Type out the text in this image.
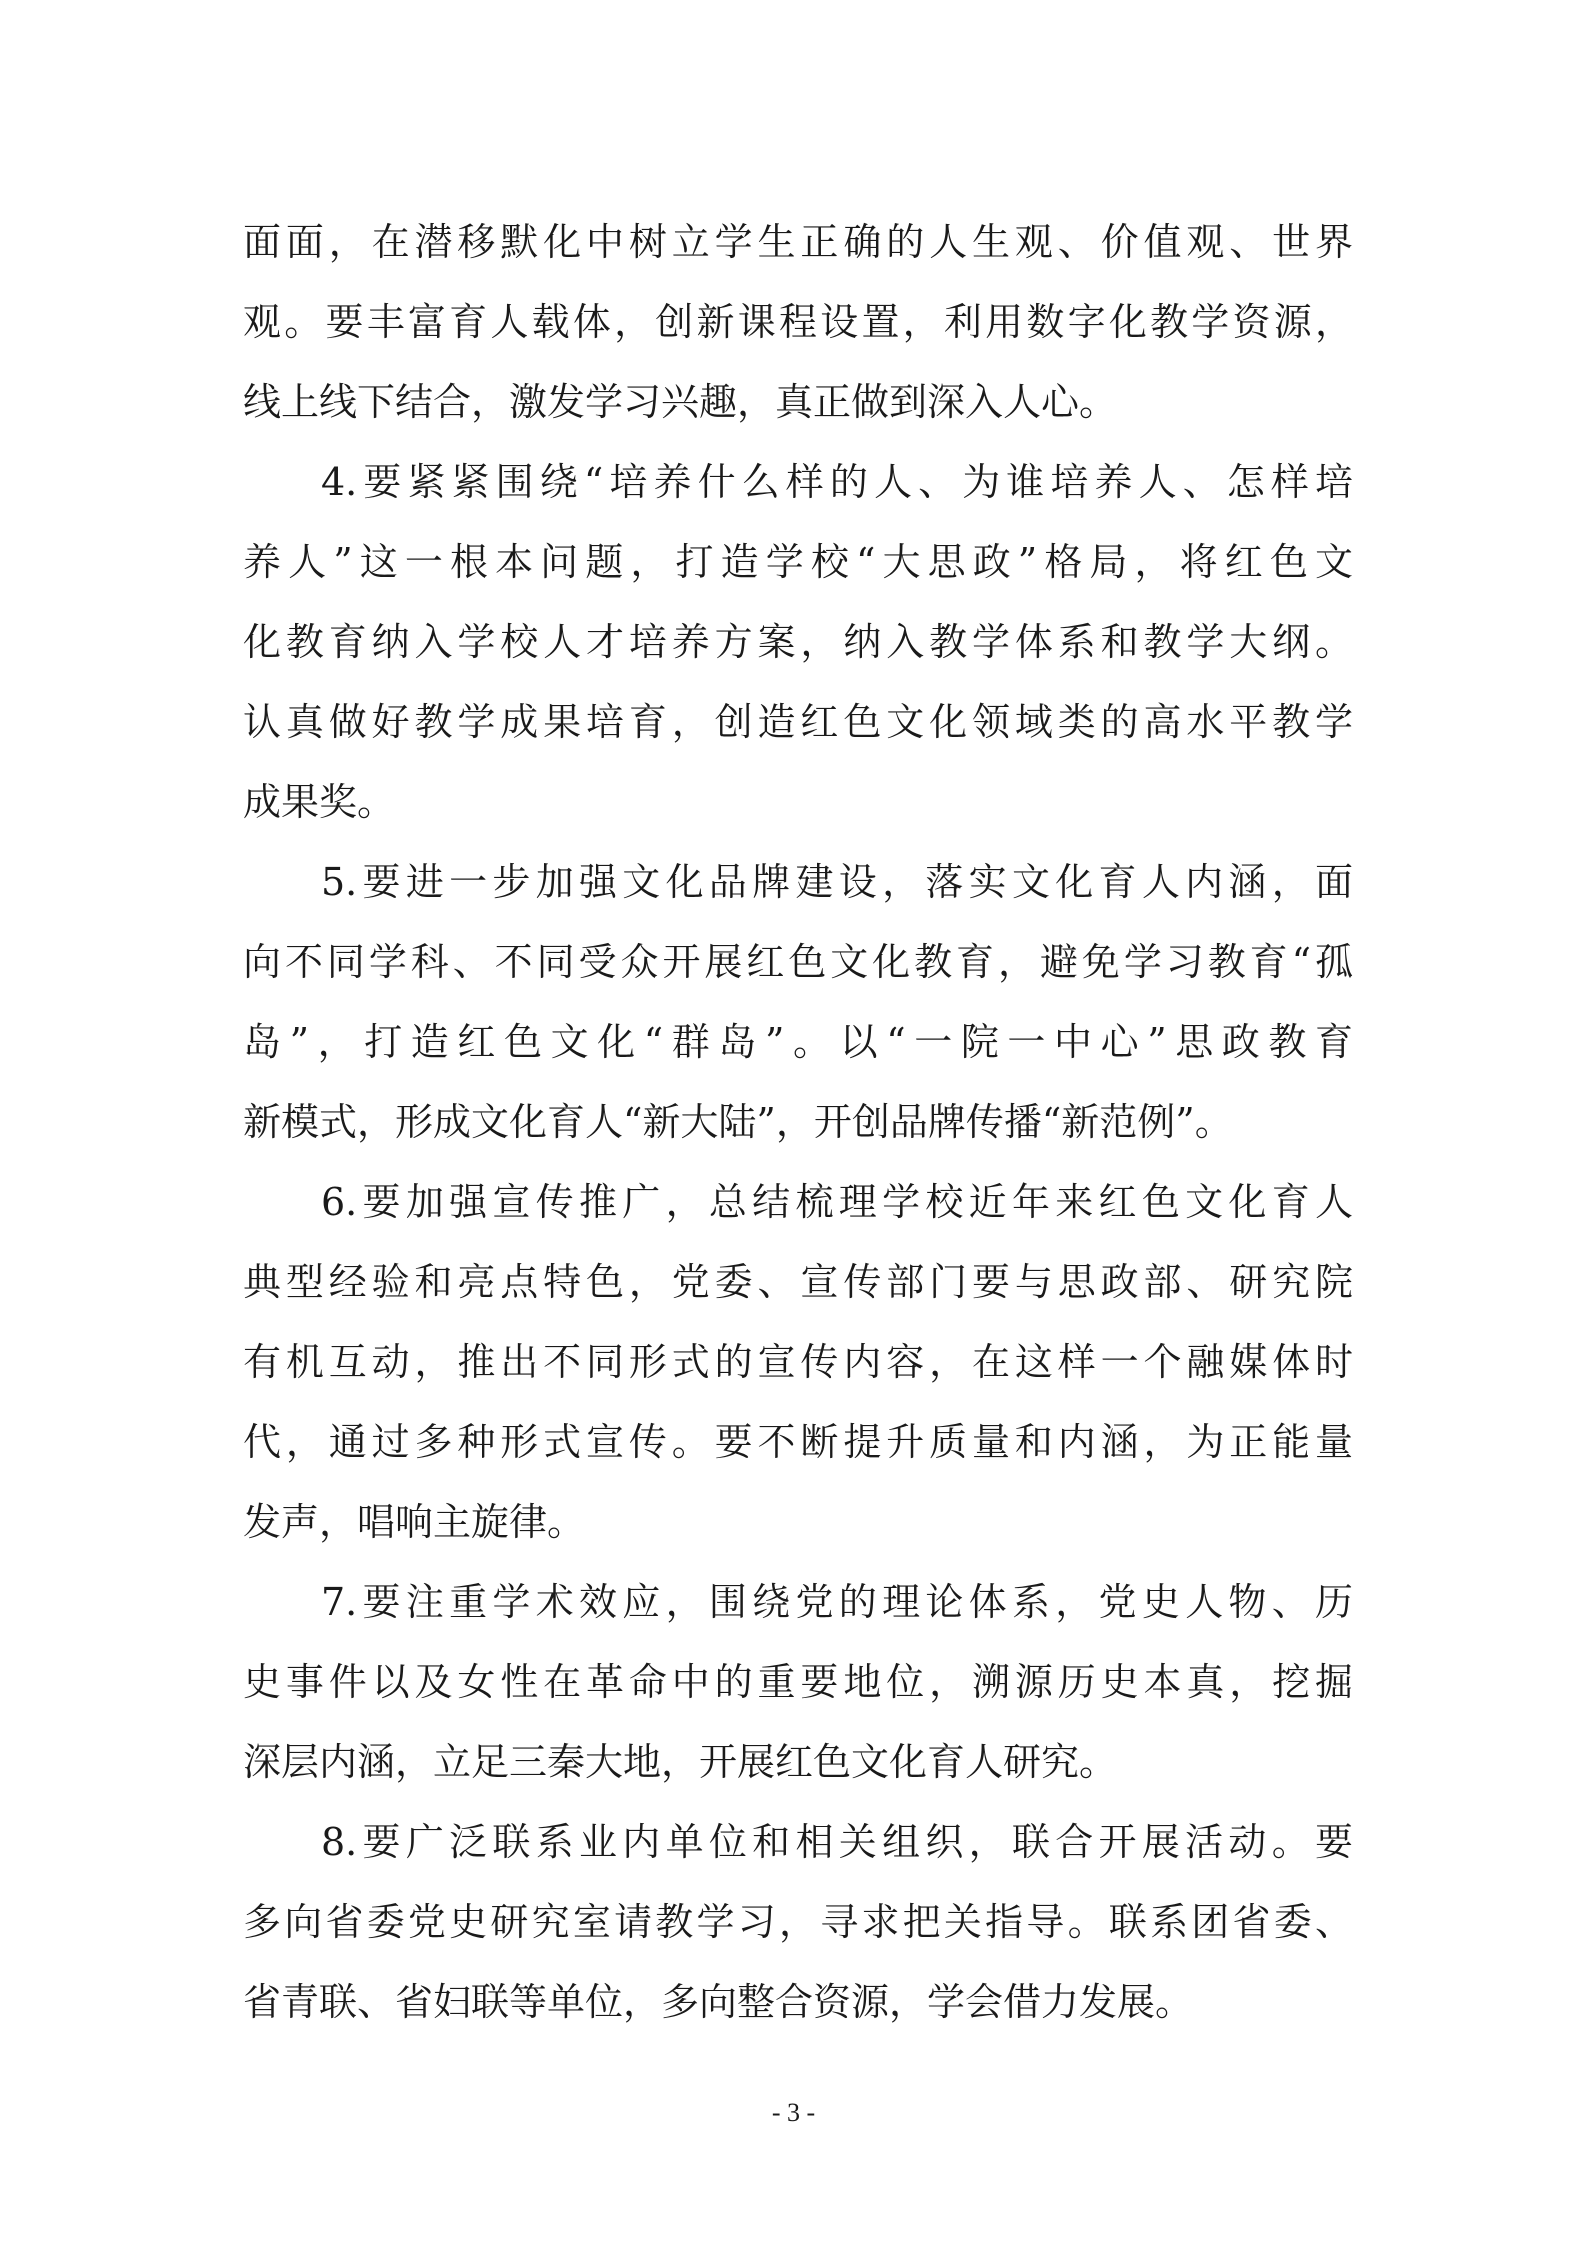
面面，在潜移默化中树立学生正确的人生观、价值观、世界
观。要丰富育人载体，创新课程设置，利用数字化教学资源，
线上线下结合，激发学习兴趣，真正做到深入人心。
4.要紧紧围绕“培养什么样的人、为谁培养人、怎样培
养人”这一根本问题，打造学校“大思政”格局，将红色文
化教育纳入学校人才培养方案，纳入教学体系和教学大纲。
认真做好教学成果培育，创造红色文化领域类的高水平教学
成果奖。
5.要进一步加强文化品牌建设，落实文化育人内涵，面
向不同学科、不同受众开展红色文化教育，避免学习教育“孤
岛”，打造红色文化“群岛”。以“一院一中心”思政教育
新模式，形成文化育人“新大陆”，开创品牌传播“新范例”。
6.要加强宣传推广，总结梳理学校近年来红色文化育人
典型经验和亮点特色，党委、宣传部门要与思政部、研究院
有机互动，推出不同形式的宣传内容，在这样一个融媒体时
代，通过多种形式宣传。要不断提升质量和内涵，为正能量
发声，唱响主旋律。
7.要注重学术效应，围绕党的理论体系，党史人物、历
史事件以及女性在革命中的重要地位，溯源历史本真，挖掘
深层内涵，立足三秦大地，开展红色文化育人研究。
8.要广泛联系业内单位和相关组织，联合开展活动。要
多向省委党史研究室请教学习，寻求把关指导。联系团省委、
省青联、省妇联等单位，多向整合资源，学会借力发展。
- 3 -
